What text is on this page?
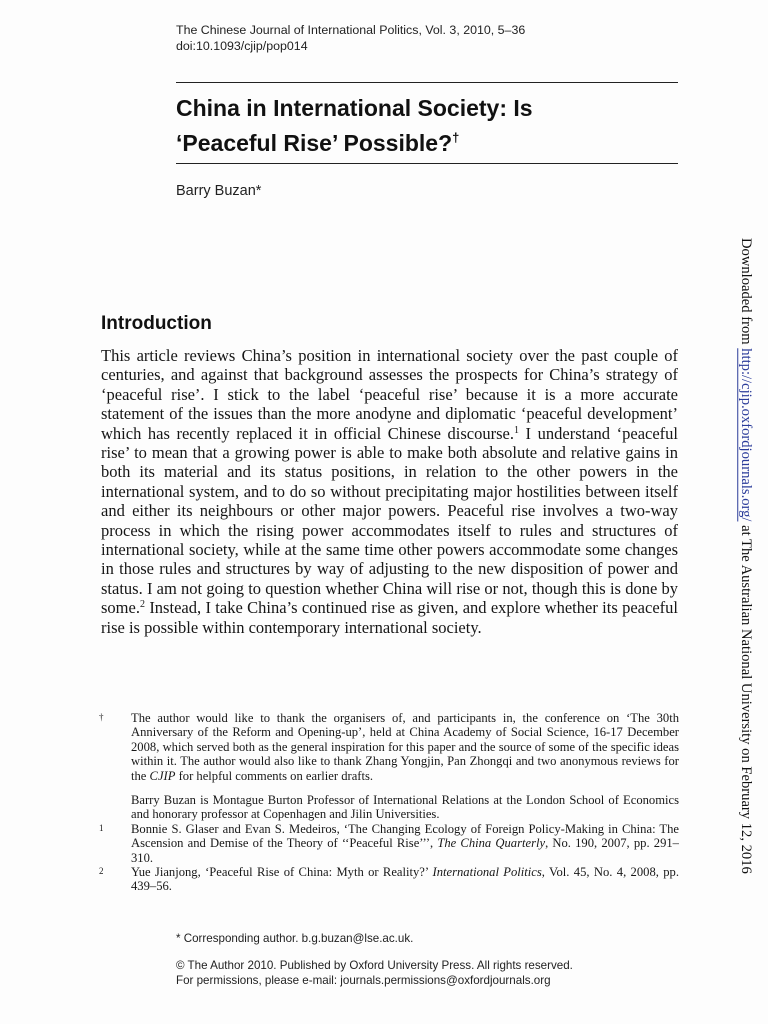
The Chinese Journal of International Politics, Vol. 3, 2010, 5–36
doi:10.1093/cjip/pop014
China in International Society: Is
‘Peaceful Rise’ Possible?†
Barry Buzan*
Downloaded from http://cjip.oxfordjournals.org/ at The Australian National University on February 12, 2016
Introduction

This article reviews China’s position in international society over the past couple of centuries, and against that background assesses the prospects for China’s strategy of ‘peaceful rise’. I stick to the label ‘peaceful rise’ because it is a more accurate statement of the issues than the more anodyne and diplomatic ‘peaceful development’ which has recently replaced it in official Chinese discourse.$^1$ I understand ‘peaceful rise’ to mean that a growing power is able to make both absolute and relative gains in both its material and its status positions, in relation to the other powers in the international system, and to do so without precipitating major hostilities between itself and either its neighbours or other major powers. Peaceful rise involves a two-way process in which the rising power accommodates itself to rules and structures of international society, while at the same time other powers accommodate some changes in those rules and structures by way of adjusting to the new disposition of power and status. I am not going to question whether China will rise or not, though this is done by some.$^2$ Instead, I take China’s continued rise as given, and explore whether its peaceful rise is possible within contemporary international society.

† The author would like to thank the organisers of, and participants in, the conference on ‘The 30th Anniversary of the Reform and Opening-up’, held at China Academy of Social Science, 16-17 December 2008, which served both as the general inspiration for this paper and the source of some of the specific ideas within it. The author would also like to thank Zhang Yongjin, Pan Zhongqi and two anonymous reviews for the CJIP for helpful comments on earlier drafts.

Barry Buzan is Montague Burton Professor of International Relations at the London School of Economics and honorary professor at Copenhagen and Jilin Universities.

1 Bonnie S. Glaser and Evan S. Medeiros, ‘The Changing Ecology of Foreign Policy-Making in China: The Ascension and Demise of the Theory of ‘‘Peaceful Rise’’’, The China Quarterly, No. 190, 2007, pp. 291–310.

2 Yue Jianjong, ‘Peaceful Rise of China: Myth or Reality?’ International Politics, Vol. 45, No. 4, 2008, pp. 439–56.

* Corresponding author. b.g.buzan@lse.ac.uk.
© The Author 2010. Published by Oxford University Press. All rights reserved.
For permissions, please e-mail: journals.permissions@oxfordjournals.org
